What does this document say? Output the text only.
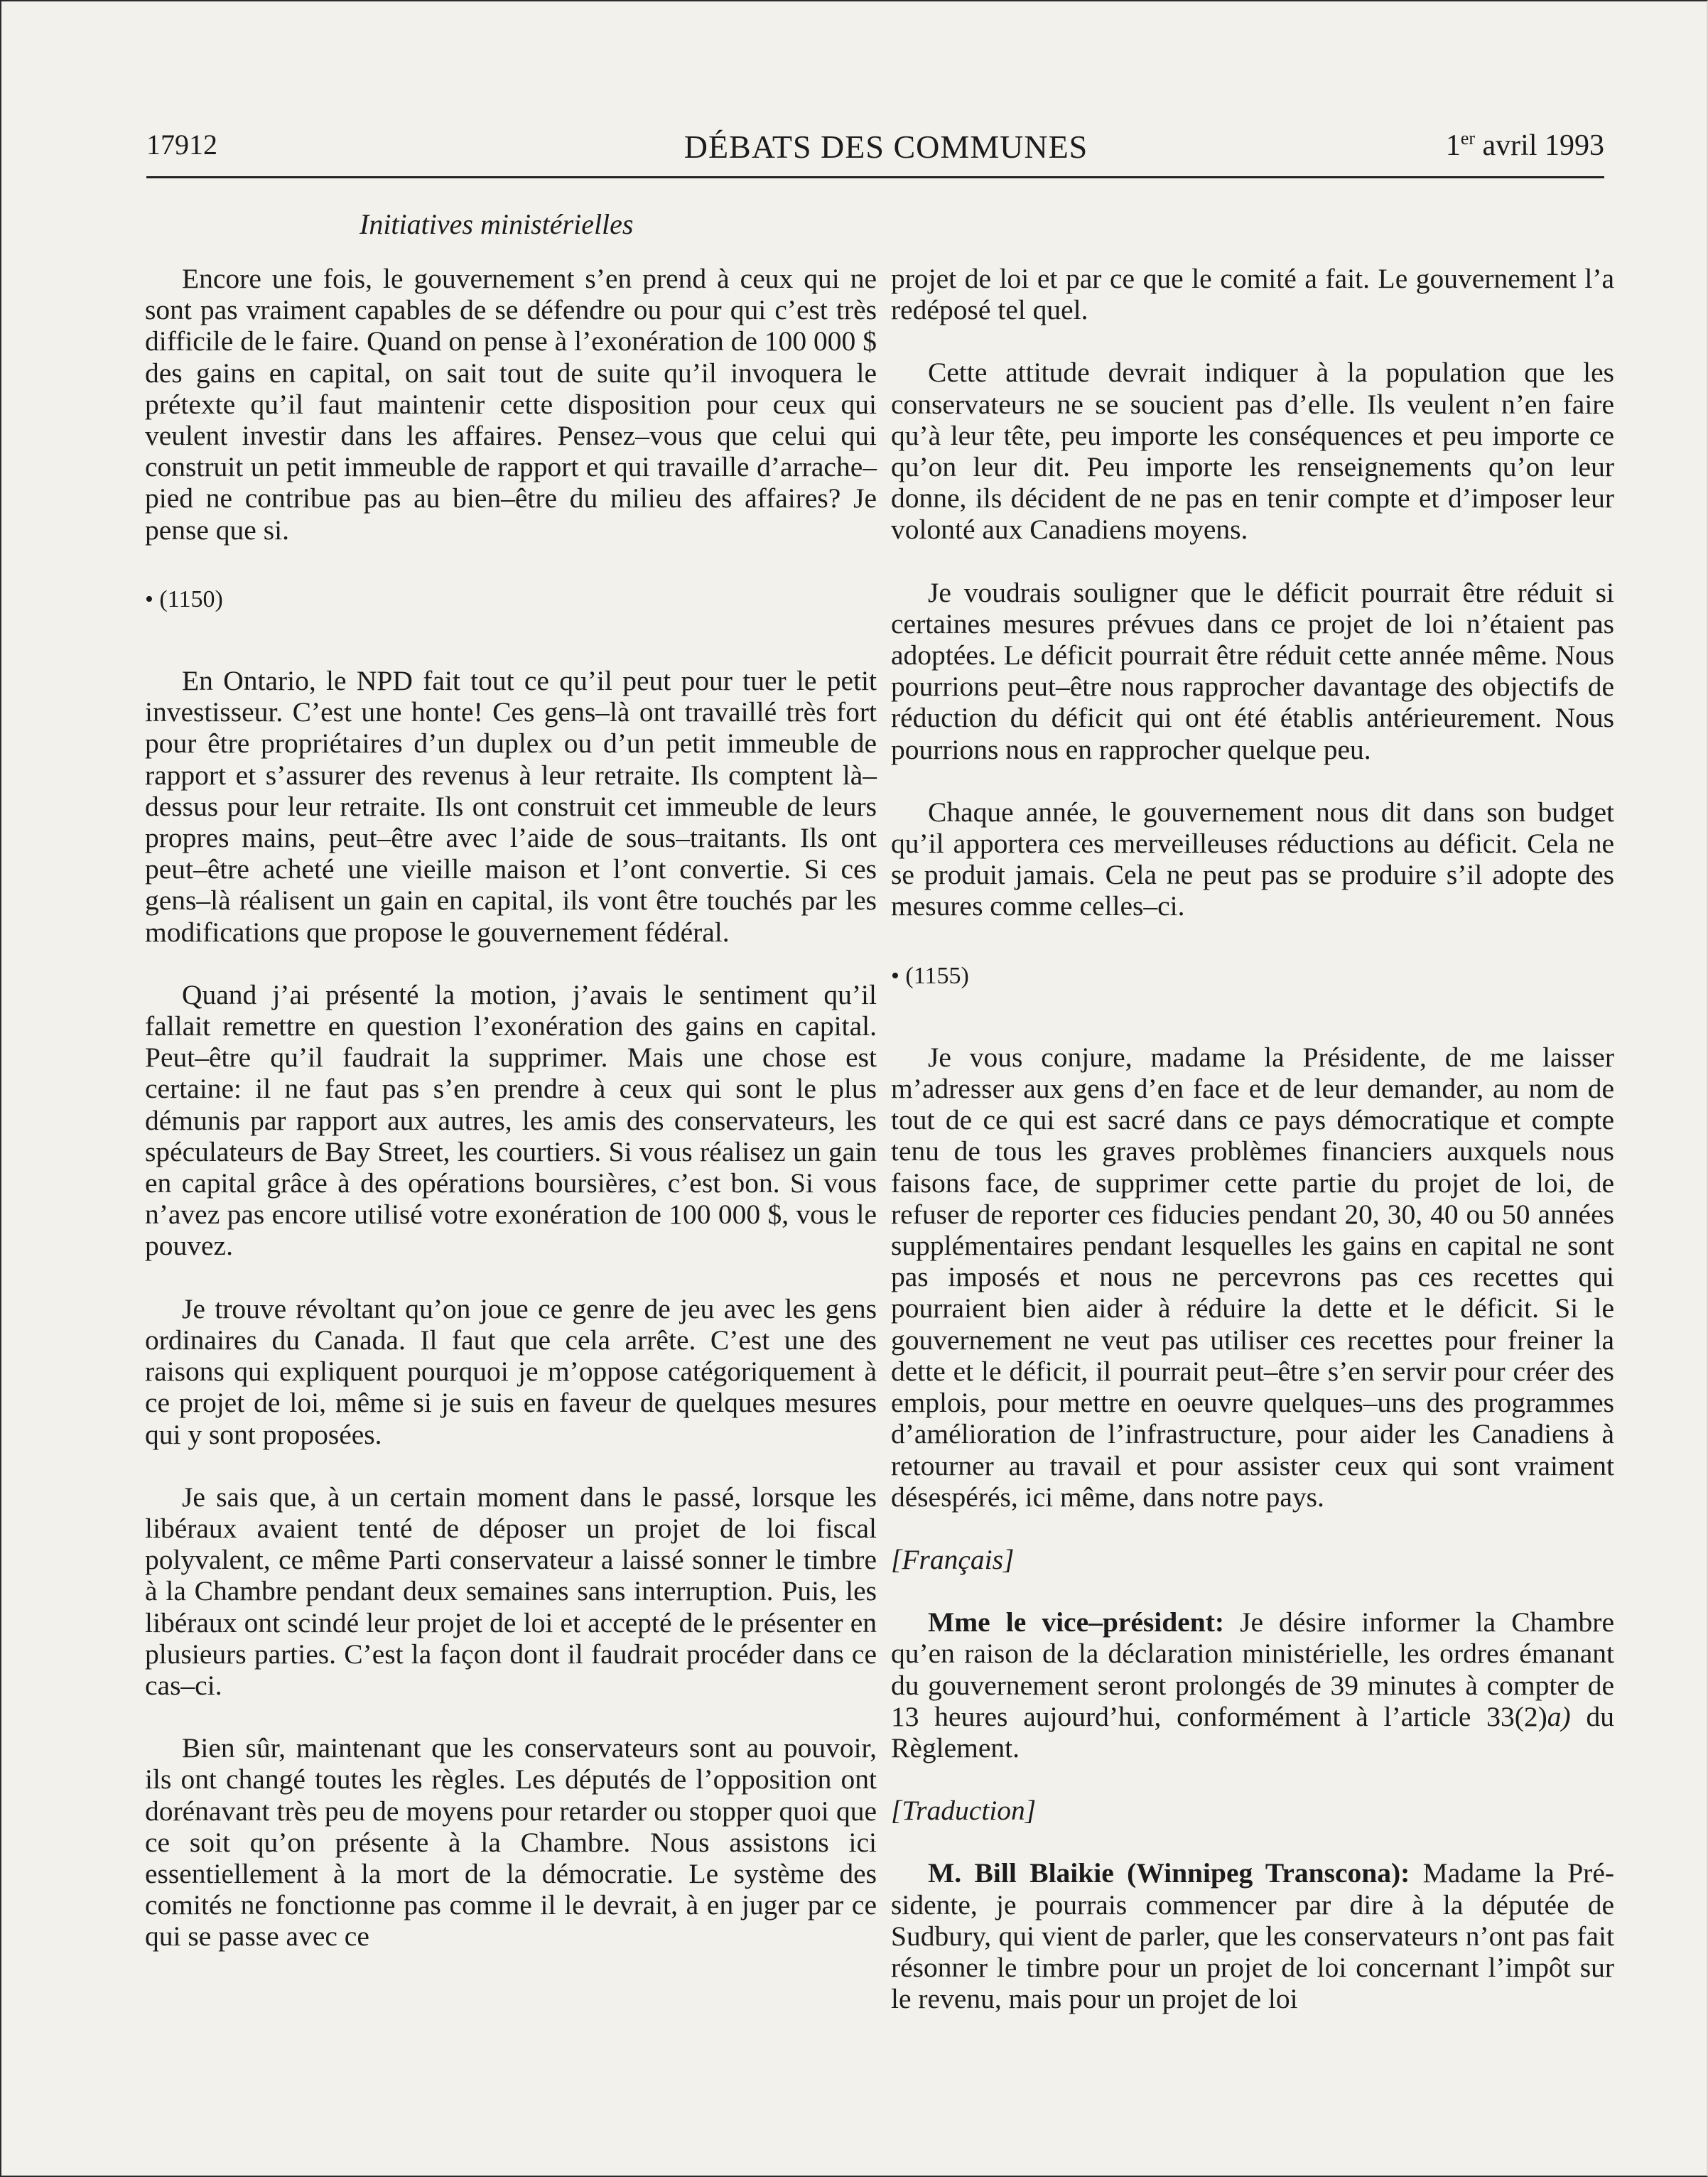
17912	DÉBATS DES COMMUNES	1er avril 1993
Initiatives ministérielles

Encore une fois, le gouvernement s’en prend à ceux qui ne sont pas vraiment capables de se défendre ou pour qui c’est très difficile de le faire. Quand on pense à l’exonération de 100 000 $ des gains en capital, on sait tout de suite qu’il invoquera le prétexte qu’il faut maintenir cette disposition pour ceux qui veulent investir dans les affaires. Pensez–vous que celui qui construit un petit immeuble de rapport et qui travaille d’arrache–pied ne contribue pas au bien–être du milieu des affaires? Je pense que si.

• (1150)

En Ontario, le NPD fait tout ce qu’il peut pour tuer le petit investisseur. C’est une honte! Ces gens–là ont travaillé très fort pour être propriétaires d’un duplex ou d’un petit immeuble de rapport et s’assurer des revenus à leur retraite. Ils comptent là–dessus pour leur retraite. Ils ont construit cet immeuble de leurs propres mains, peut–être avec l’aide de sous–traitants. Ils ont peut–être acheté une vieille maison et l’ont convertie. Si ces gens–là réalisent un gain en capital, ils vont être touchés par les modifications que propose le gouvernement fédéral.

Quand j’ai présenté la motion, j’avais le sentiment qu’il fallait remettre en question l’exonération des gains en capital. Peut–être qu’il faudrait la supprimer. Mais une chose est certaine: il ne faut pas s’en prendre à ceux qui sont le plus démunis par rapport aux autres, les amis des conservateurs, les spéculateurs de Bay Street, les courtiers. Si vous réalisez un gain en capital grâce à des opérations boursières, c’est bon. Si vous n’avez pas encore utilisé votre exonération de 100 000 $, vous le pouvez.

Je trouve révoltant qu’on joue ce genre de jeu avec les gens ordinaires du Canada. Il faut que cela arrête. C’est une des raisons qui expliquent pourquoi je m’oppose catégoriquement à ce projet de loi, même si je suis en faveur de quelques mesures qui y sont proposées.

Je sais que, à un certain moment dans le passé, lorsque les libéraux avaient tenté de déposer un projet de loi fiscal polyvalent, ce même Parti conservateur a laissé sonner le timbre à la Chambre pendant deux semaines sans interruption. Puis, les libéraux ont scindé leur projet de loi et accepté de le présenter en plusieurs parties. C’est la façon dont il faudrait procéder dans ce cas–ci.

Bien sûr, maintenant que les conservateurs sont au pouvoir, ils ont changé toutes les règles. Les députés de l’opposition ont dorénavant très peu de moyens pour retarder ou stopper quoi que ce soit qu’on présente à la Chambre. Nous assistons ici essentiellement à la mort de la démocratie. Le système des comités ne fonctionne pas comme il le devrait, à en juger par ce qui se passe avec ce

projet de loi et par ce que le comité a fait. Le gouvernement l’a redéposé tel quel.

Cette attitude devrait indiquer à la population que les conservateurs ne se soucient pas d’elle. Ils veulent n’en faire qu’à leur tête, peu importe les conséquences et peu importe ce qu’on leur dit. Peu importe les renseignements qu’on leur donne, ils décident de ne pas en tenir compte et d’imposer leur volonté aux Canadiens moyens.

Je voudrais souligner que le déficit pourrait être réduit si certaines mesures prévues dans ce projet de loi n’étaient pas adoptées. Le déficit pourrait être réduit cette année même. Nous pourrions peut–être nous rapprocher davantage des objectifs de réduction du déficit qui ont été établis antérieurement. Nous pourrions nous en rapprocher quelque peu.

Chaque année, le gouvernement nous dit dans son budget qu’il apportera ces merveilleuses réductions au déficit. Cela ne se produit jamais. Cela ne peut pas se produire s’il adopte des mesures comme celles–ci.

• (1155)

Je vous conjure, madame la Présidente, de me laisser m’adresser aux gens d’en face et de leur demander, au nom de tout de ce qui est sacré dans ce pays démocratique et compte tenu de tous les graves problèmes financiers auxquels nous faisons face, de supprimer cette partie du projet de loi, de refuser de reporter ces fiducies pendant 20, 30, 40 ou 50 années supplémentaires pendant lesquelles les gains en capital ne sont pas imposés et nous ne percevrons pas ces recettes qui pourraient bien aider à réduire la dette et le déficit. Si le gouvernement ne veut pas utiliser ces recettes pour freiner la dette et le déficit, il pourrait peut–être s’en servir pour créer des emplois, pour mettre en oeuvre quelques–uns des programmes d’amélioration de l’infrastructure, pour aider les Canadiens à retourner au travail et pour assister ceux qui sont vraiment désespérés, ici même, dans notre pays.

[Français]

Mme le vice–président: Je désire informer la Chambre qu’en raison de la déclaration ministérielle, les ordres émanant du gouvernement seront prolongés de 39 minutes à compter de 13 heures aujourd’hui, conformément à l’article 33(2)a) du Règlement.

[Traduction]

M. Bill Blaikie (Winnipeg Transcona): Madame la Présidente, je pourrais commencer par dire à la députée de Sudbury, qui vient de parler, que les conservateurs n’ont pas fait résonner le timbre pour un projet de loi concernant l’impôt sur le revenu, mais pour un projet de loi
